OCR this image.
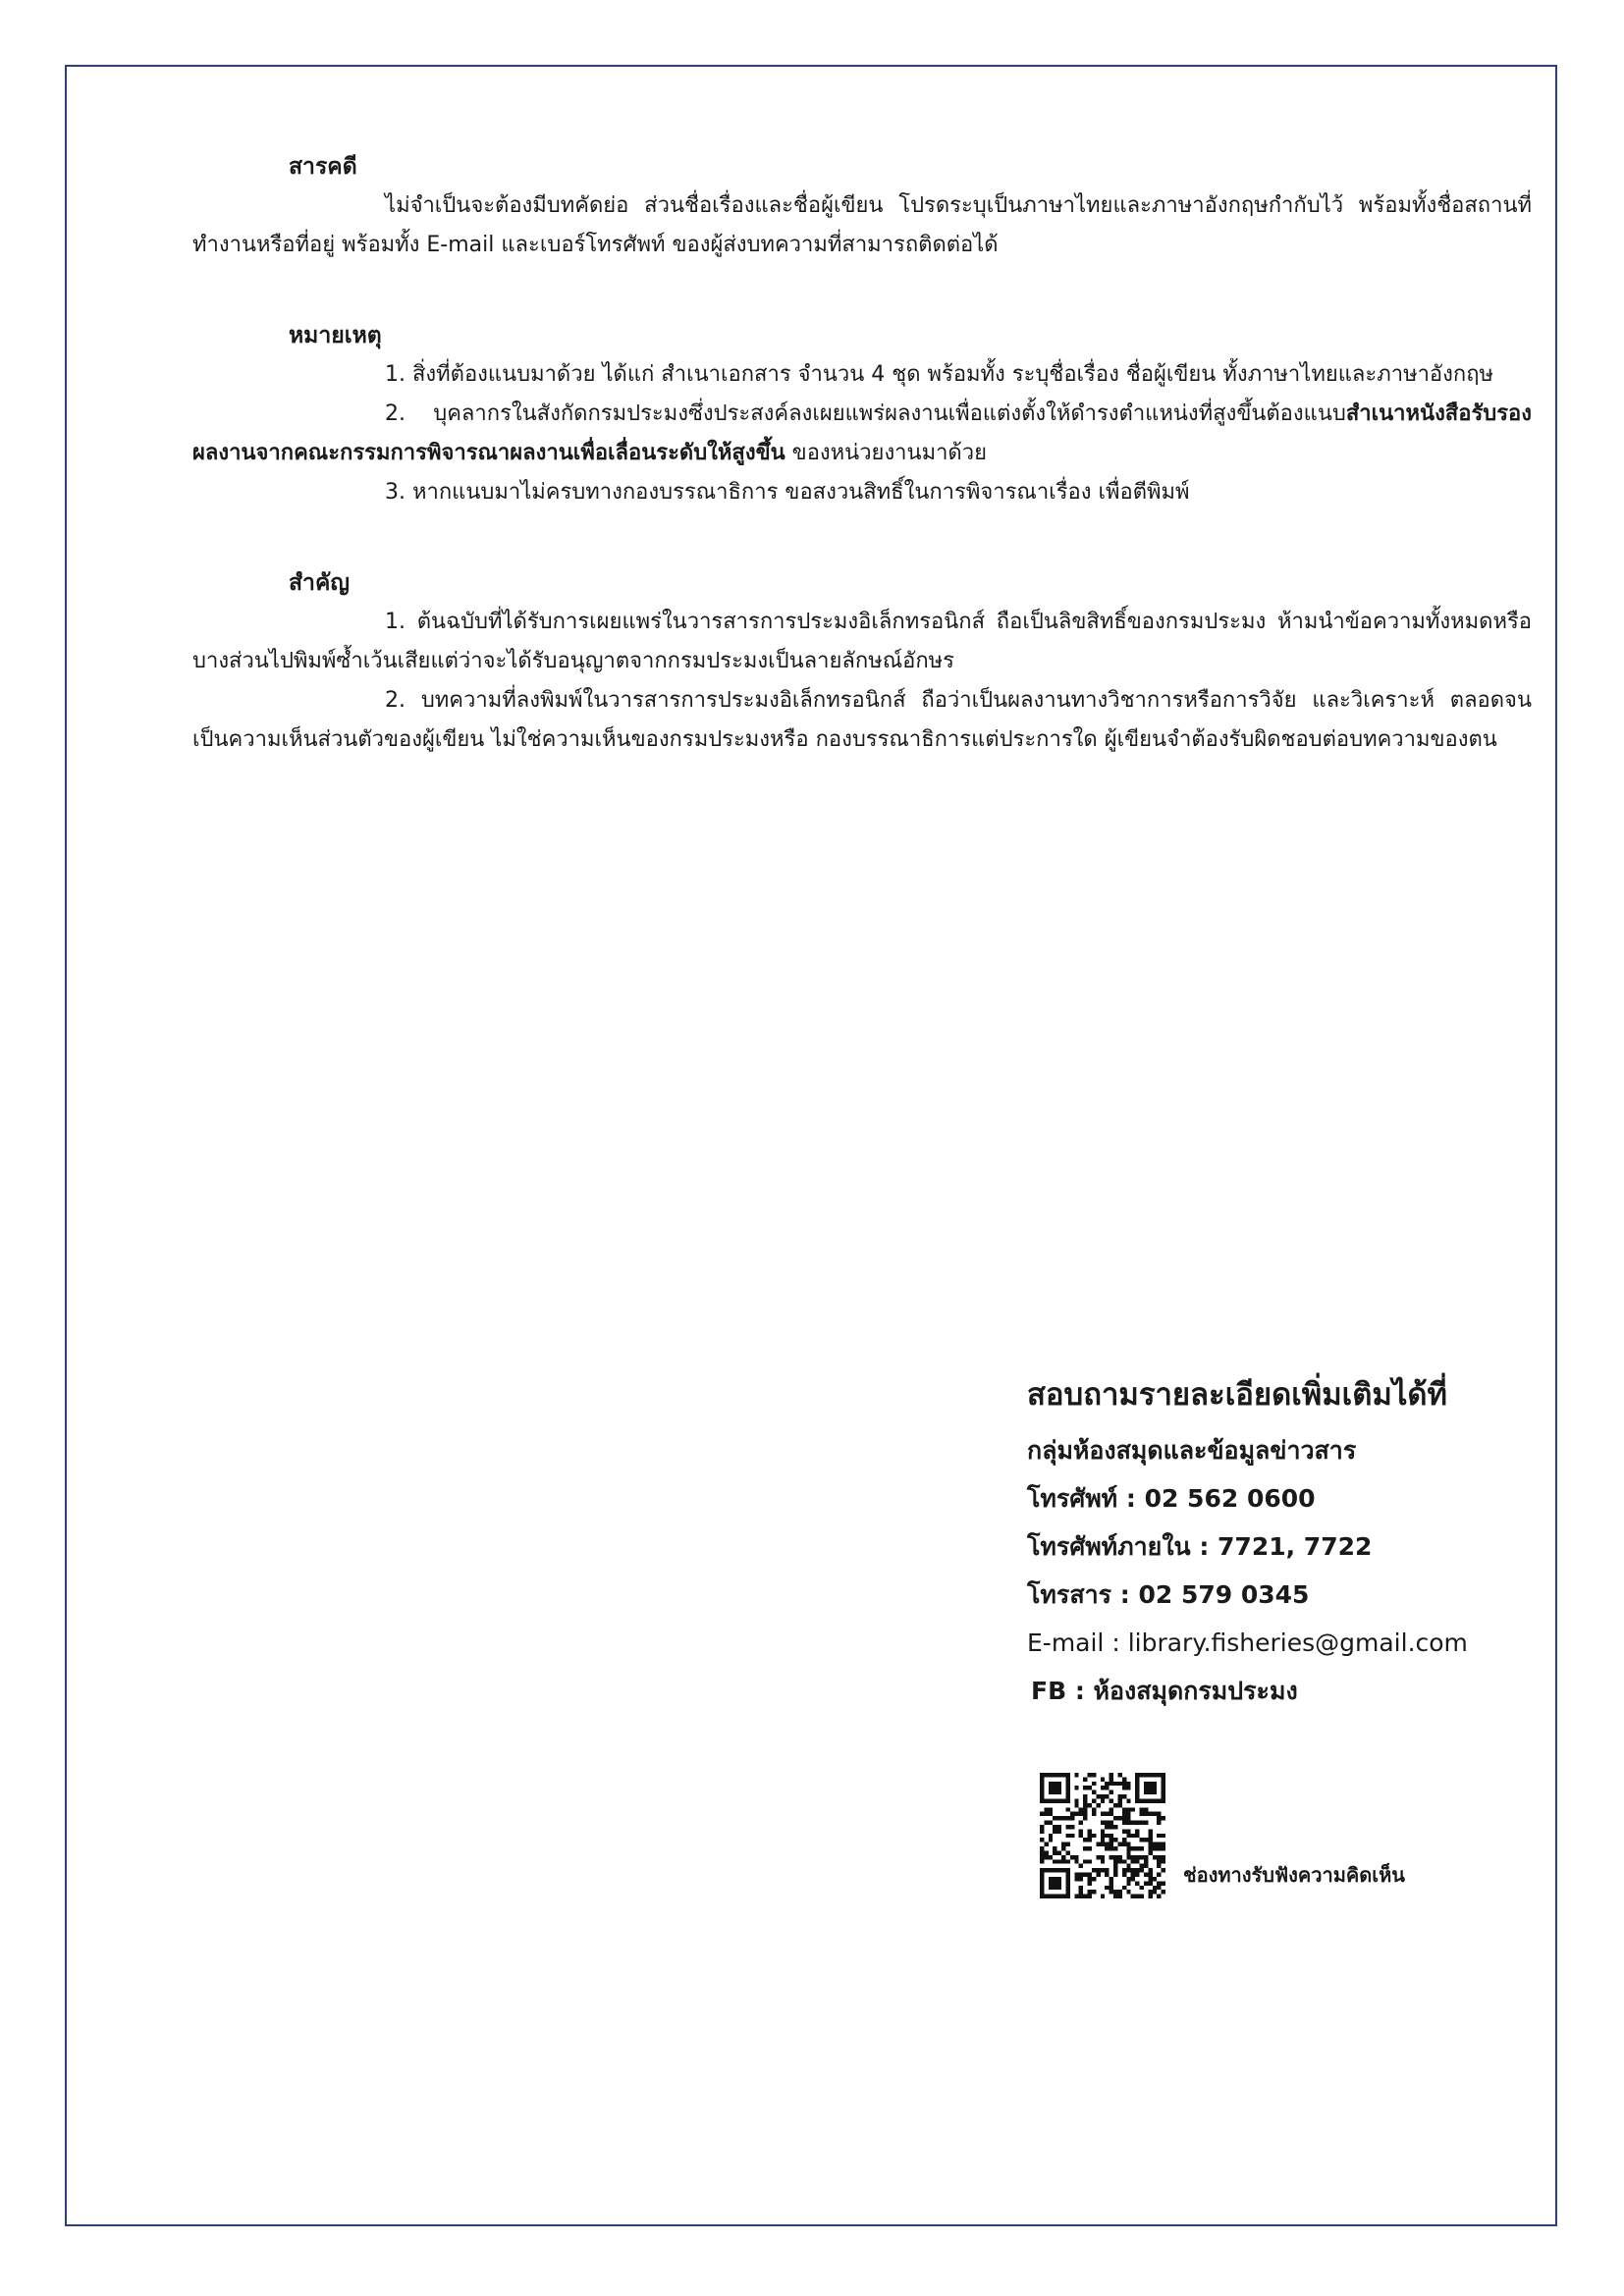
สารคดี

ไม่จำเป็นจะต้องมีบทคัดย่อ ส่วนชื่อเรื่องและชื่อผู้เขียน โปรดระบุเป็นภาษาไทยและภาษาอังกฤษกำกับไว้ พร้อมทั้งชื่อสถานที่ทำงานหรือที่อยู่ พร้อมทั้ง E-mail และเบอร์โทรศัพท์ ของผู้ส่งบทความที่สามารถติดต่อได้

หมายเหตุ

1. สิ่งที่ต้องแนบมาด้วย ได้แก่ สำเนาเอกสาร จำนวน 4 ชุด พร้อมทั้ง ระบุชื่อเรื่อง ชื่อผู้เขียน ทั้งภาษาไทยและภาษาอังกฤษ

2. บุคลากรในสังกัดกรมประมงซึ่งประสงค์ลงเผยแพร่ผลงานเพื่อแต่งตั้งให้ดำรงตำแหน่งที่สูงขึ้นต้องแนบสำเนาหนังสือรับรองผลงานจากคณะกรรมการพิจารณาผลงานเพื่อเลื่อนระดับให้สูงขึ้น ของหน่วยงานมาด้วย

3. หากแนบมาไม่ครบทางกองบรรณาธิการ ขอสงวนสิทธิ์ในการพิจารณาเรื่อง เพื่อตีพิมพ์

สำคัญ

1. ต้นฉบับที่ได้รับการเผยแพร่ในวารสารการประมงอิเล็กทรอนิกส์ ถือเป็นลิขสิทธิ์ของกรมประมง ห้ามนำข้อความทั้งหมดหรือบางส่วนไปพิมพ์ซ้ำเว้นเสียแต่ว่าจะได้รับอนุญาตจากกรมประมงเป็นลายลักษณ์อักษร

2. บทความที่ลงพิมพ์ในวารสารการประมงอิเล็กทรอนิกส์ ถือว่าเป็นผลงานทางวิชาการหรือการวิจัย และวิเคราะห์ ตลอดจนเป็นความเห็นส่วนตัวของผู้เขียน ไม่ใช่ความเห็นของกรมประมงหรือ กองบรรณาธิการแต่ประการใด ผู้เขียนจำต้องรับผิดชอบต่อบทความของตน

สอบถามรายละเอียดเพิ่มเติมได้ที่
กลุ่มห้องสมุดและข้อมูลข่าวสาร
โทรศัพท์ : 02 562 0600
โทรศัพท์ภายใน : 7721, 7722
โทรสาร : 02 579 0345
E-mail : library.fisheries@gmail.com
FB : ห้องสมุดกรมประมง
ช่องทางรับฟังความคิดเห็น
